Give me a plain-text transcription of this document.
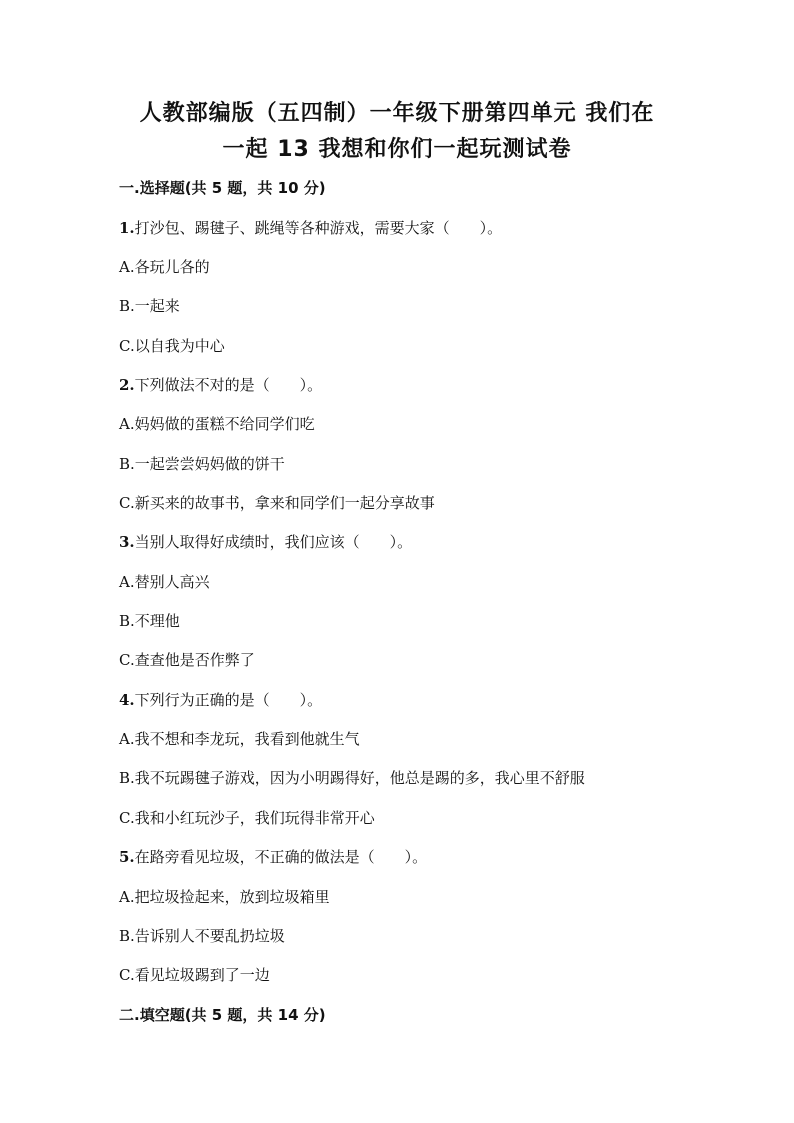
人教部编版（五四制）一年级下册第四单元 我们在
一起 13 我想和你们一起玩测试卷
一.选择题(共 5 题，共 10 分)
1.打沙包、踢毽子、跳绳等各种游戏，需要大家（　　）。
A.各玩儿各的
B.一起来
C.以自我为中心
2.下列做法不对的是（　　）。
A.妈妈做的蛋糕不给同学们吃
B.一起尝尝妈妈做的饼干
C.新买来的故事书，拿来和同学们一起分享故事
3.当别人取得好成绩时，我们应该（　　）。
A.替别人高兴
B.不理他
C.查查他是否作弊了
4.下列行为正确的是（　　）。
A.我不想和李龙玩，我看到他就生气
B.我不玩踢毽子游戏，因为小明踢得好，他总是踢的多，我心里不舒服
C.我和小红玩沙子，我们玩得非常开心
5.在路旁看见垃圾，不正确的做法是（　　）。
A.把垃圾捡起来，放到垃圾箱里
B.告诉别人不要乱扔垃圾
C.看见垃圾踢到了一边
二.填空题(共 5 题，共 14 分)
